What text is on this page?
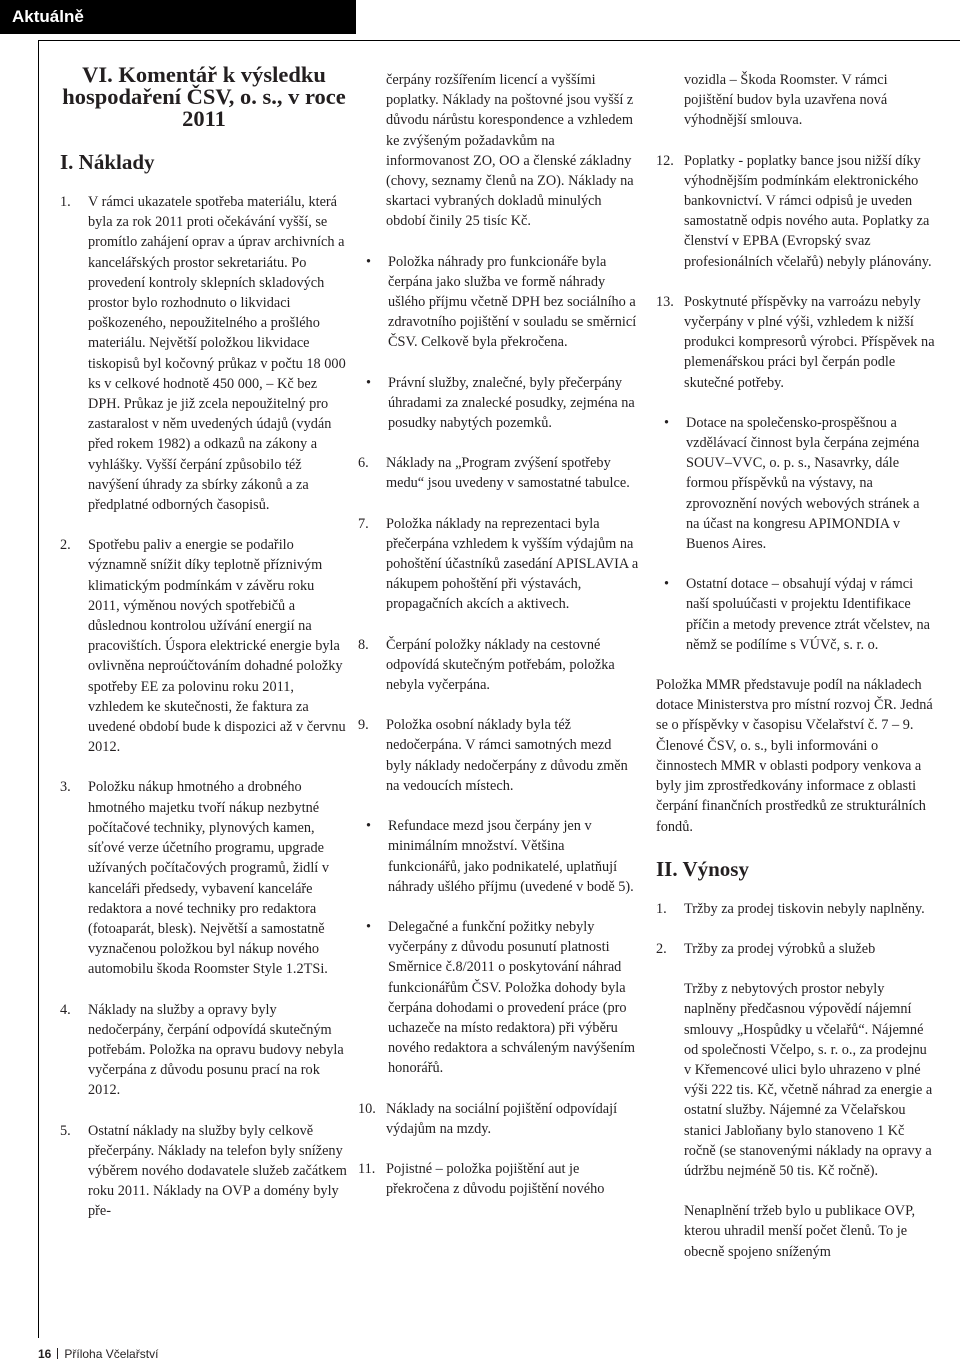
Aktuálně
VI. Komentář k výsledku hospodaření ČSV, o. s., v roce 2011
I. Náklady
1.	V rámci ukazatele spotřeba materiálu, která byla za rok 2011 proti očekávání vyšší, se promítlo zahájení oprav a úprav archivních a kancelářských prostor sekretariátu. Po provedení kontroly sklepních skladových prostor bylo rozhodnuto o likvidaci poškozeného, nepoužitelného a prošlého materiálu. Největší položkou likvidace tiskopisů byl kočovný průkaz v počtu 18 000 ks v celkové hodnotě 450 000, – Kč bez DPH. Průkaz je již zcela nepoužitelný pro zastaralost v něm uvedených údajů (vydán před rokem 1982) a odkazů na zákony a vyhlášky. Vyšší čerpání způsobilo též navýšení úhrady za sbírky zákonů a za předplatné odborných časopisů.
2.	Spotřebu paliv a energie se podařilo významně snížit díky teplotně příznivým klimatickým podmínkám v závěru roku 2011, výměnou nových spotřebičů a důslednou kontrolou užívání energií na pracovištích. Úspora elektrické energie byla ovlivněna neproúčtováním dohadné položky spotřeby EE za polovinu roku 2011, vzhledem ke skutečnosti, že faktura za uvedené období bude k dispozici až v červnu 2012.
3.	Položku nákup hmotného a drobného hmotného majetku tvoří nákup nezbytné počítačové techniky, plynových kamen, síťové verze účetního programu, upgrade užívaných počítačových programů, židlí v kanceláři předsedy, vybavení kanceláře redaktora a nové techniky pro redaktora (fotoaparát, blesk). Největší a samostatně vyznačenou položkou byl nákup nového automobilu škoda Roomster Style 1.2TSi.
4.	Náklady na služby a opravy byly nedočerpány, čerpání odpovídá skutečným potřebám. Položka na opravu budovy nebyla vyčerpána z důvodu posunu prací na rok 2012.
5.	Ostatní náklady na služby byly celkově přečerpány. Náklady na telefon byly sníženy výběrem nového dodavatele služeb začátkem roku 2011. Náklady na OVP a domény byly pře-

čerpány rozšířením licencí a vyššími poplatky. Náklady na poštovné jsou vyšší z důvodu nárůstu korespondence a vzhledem ke zvýšeným požadavkům na informovanost ZO, OO a členské základny (chovy, seznamy členů na ZO). Náklady na skartaci vybraných dokladů minulých období činily 25 tisíc Kč.

•	Položka náhrady pro funkcionáře byla čerpána jako služba ve formě náhrady ušlého příjmu včetně DPH bez sociálního a zdravotního pojištění v souladu se směrnicí ČSV. Celkově byla překročena.
•	Právní služby, znalečné, byly přečerpány úhradami za znalecké posudky, zejména na posudky nabytých pozemků.
6.	Náklady na „Program zvýšení spotřeby medu“ jsou uvedeny v samostatné tabulce.
7.	Položka náklady na reprezentaci byla přečerpána vzhledem k vyšším výdajům na pohoštění účastníků zasedání APISLAVIA a nákupem pohoštění při výstavách, propagačních akcích a aktivech.
8.	Čerpání položky náklady na cestovné odpovídá skutečným potřebám, položka nebyla vyčerpána.
9.	Položka osobní náklady byla též nedočerpána. V rámci samotných mezd byly náklady nedočerpány z důvodu změn na vedoucích místech.
•	Refundace mezd jsou čerpány jen v minimálním množství. Většina funkcionářů, jako podnikatelé, uplatňují náhrady ušlého příjmu (uvedené v bodě 5).
•	Delegačné a funkční požitky nebyly vyčerpány z důvodu posunutí platnosti Směrnice č.8/2011 o poskytování náhrad funkcionářům ČSV. Položka dohody byla čerpána dohodami o provedení práce (pro uchazeče na místo redaktora) při výběru nového redaktora a schváleným navýšením honorářů.
10. Náklady na sociální pojištění odpovídají výdajům na mzdy.
11. Pojistné – položka pojištění aut je překročena z důvodu pojištění nového

vozidla – Škoda Roomster. V rámci pojištění budov byla uzavřena nová výhodnější smlouva.

12. Poplatky - poplatky bance jsou nižší díky výhodnějším podmínkám elektronického bankovnictví. V rámci odpisů je uveden samostatně odpis nového auta. Poplatky za členství v EPBA (Evropský svaz profesionálních včelařů) nebyly plánovány.
13. Poskytnuté příspěvky na varroázu nebyly vyčerpány v plné výši, vzhledem k nižší produkci kompresorů výrobci. Příspěvek na plemenářskou práci byl čerpán podle skutečné potřeby.
•	Dotace na společensko-prospěšnou a vzdělávací činnost byla čerpána zejména SOUV–VVC, o. p. s., Nasavrky, dále formou příspěvků na výstavy, na zprovoznění nových webových stránek a na účast na kongresu APIMONDIA v Buenos Aires.
•	Ostatní dotace – obsahují výdaj v rámci naší spoluúčasti v projektu Identifikace příčin a metody prevence ztrát včelstev, na němž se podílíme s VÚVč, s. r. o.

Položka MMR představuje podíl na nákladech dotace Ministerstva pro místní rozvoj ČR. Jedná se o příspěvky v časopisu Včelařství č. 7 – 9. Členové ČSV, o. s., byli informováni o činnostech MMR v oblasti podpory venkova a byly jim zprostředkovány informace z oblasti čerpání finančních prostředků ze strukturálních fondů.

II. Výnosy
1.	Tržby za prodej tiskovin nebyly naplněny.
2.	Tržby za prodej výrobků a služeb

Tržby z nebytových prostor nebyly naplněny předčasnou výpovědí nájemní smlouvy „Hospůdky u včelařů“. Nájemné od společnosti Včelpo, s. r. o., za prodejnu v Křemencové ulici bylo uhrazeno v plné výši 222 tis. Kč, včetně náhrad za energie a ostatní služby. Nájemné za Včelařskou stanici Jabloňany bylo stanoveno 1 Kč ročně (se stanovenými náklady na opravy a údržbu nejméně 50 tis. Kč ročně).

Nenaplnění tržeb bylo u publikace OVP, kterou uhradil menší počet členů. To je obecně spojeno sníženým

16 Příloha Včelařství
